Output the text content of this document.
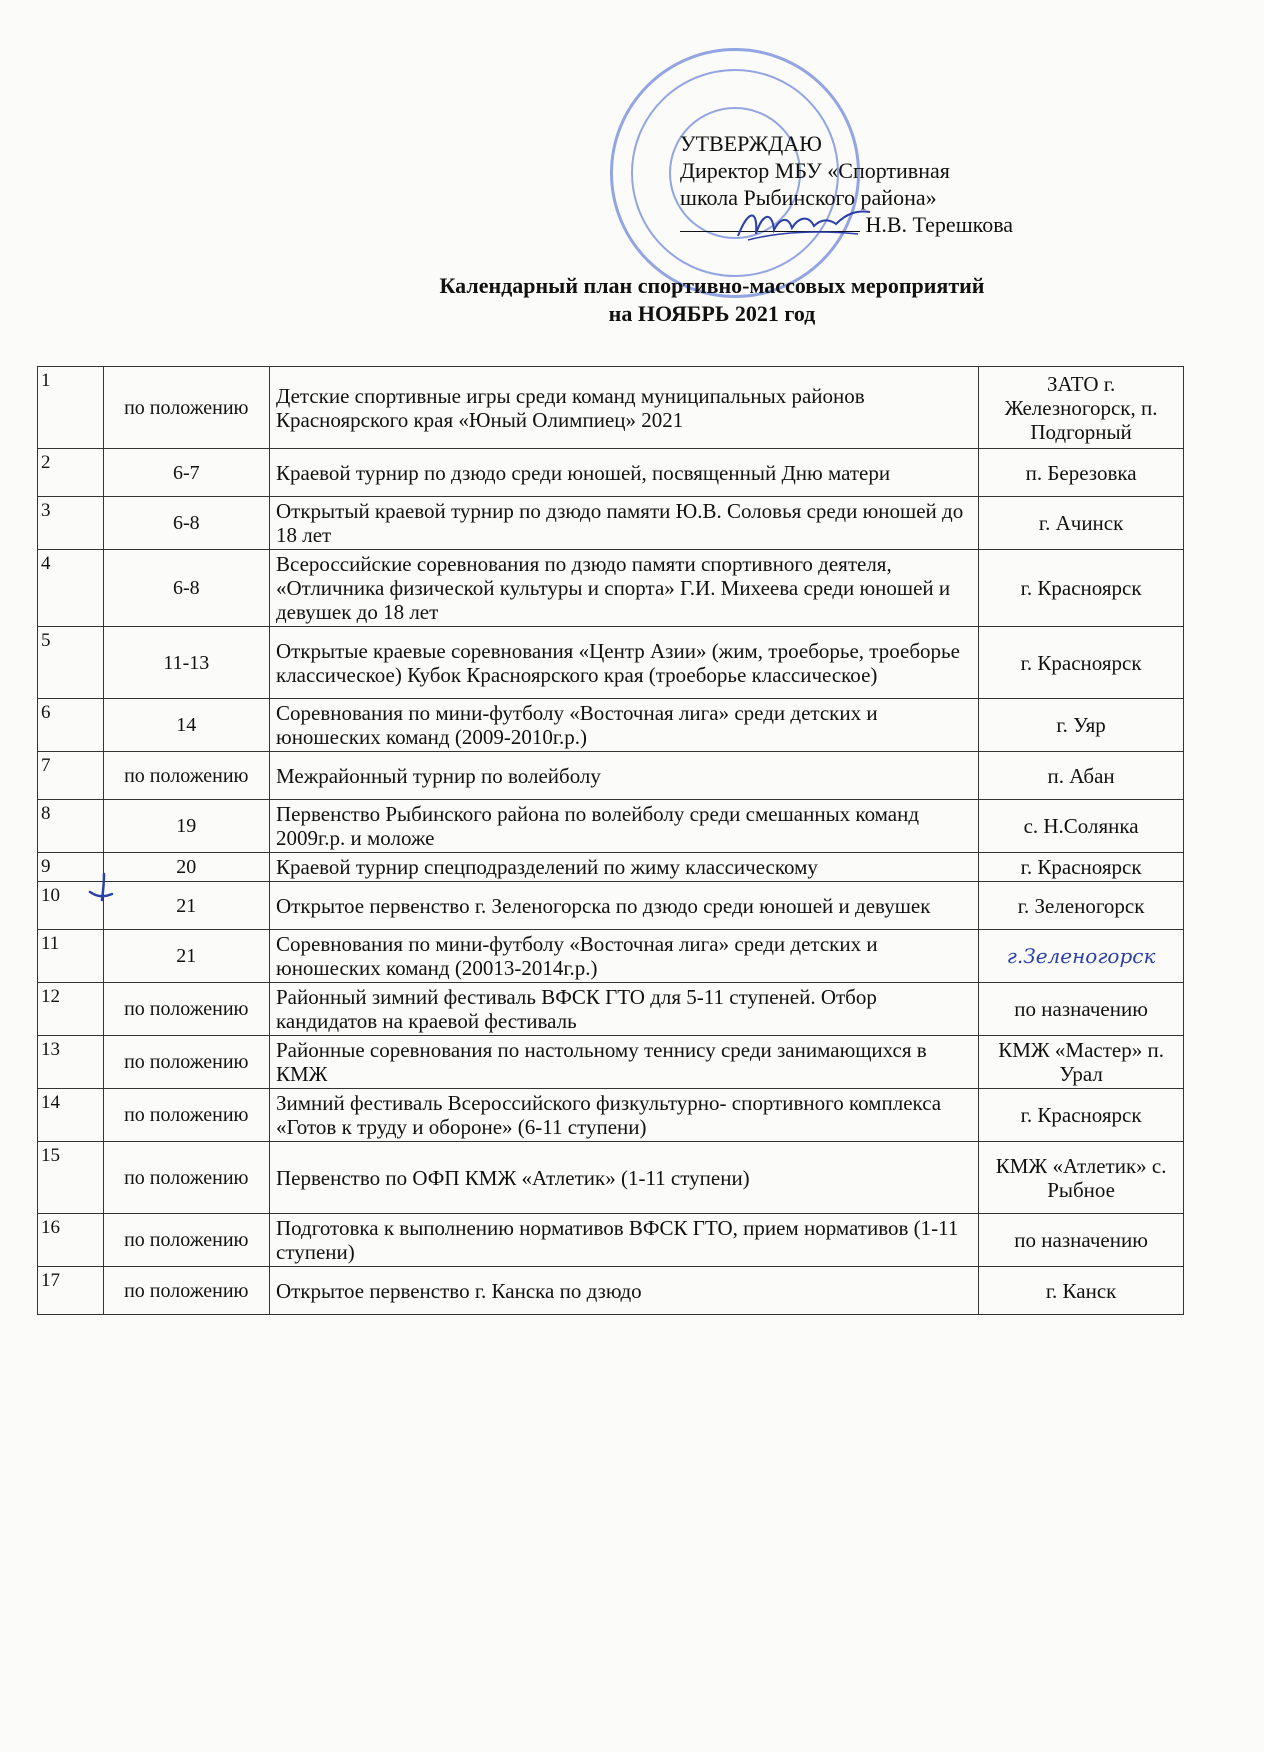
УТВЕРЖДАЮ
Директор МБУ «Спортивная
школа Рыбинского района»
Н.В. Терешкова
Календарный план спортивно-массовых мероприятий
на НОЯБРЬ 2021 год
1	по положению	Детские спортивные игры среди команд муниципальных районов Красноярского края «Юный Олимпиец» 2021	ЗАТО г. Железногорск, п. Подгорный
2	6-7	Краевой турнир по дзюдо среди юношей, посвященный Дню матери	п. Березовка
3	6-8	Открытый краевой турнир по дзюдо памяти Ю.В. Соловья среди юношей до 18 лет	г. Ачинск
4	6-8	Всероссийские соревнования по дзюдо памяти спортивного деятеля, «Отличника физической культуры и спорта» Г.И. Михеева среди юношей и девушек до 18 лет	г. Красноярск
5	11-13	Открытые краевые соревнования «Центр Азии» (жим, троеборье, троеборье классическое) Кубок Красноярского края (троеборье классическое)	г. Красноярск
6	14	Соревнования по мини-футболу «Восточная лига» среди детских и юношеских команд (2009-2010г.р.)	г. Уяр
7	по положению	Межрайонный турнир по волейболу	п. Абан
8	19	Первенство Рыбинского района по волейболу среди смешанных команд 2009г.р. и моложе	с. Н.Солянка
9	20	Краевой турнир спецподразделений по жиму классическому	г. Красноярск
10	21	Открытое первенство г. Зеленогорска по дзюдо среди юношей и девушек	г. Зеленогорск
11	21	Соревнования по мини-футболу «Восточная лига» среди детских и юношеских команд (20013-2014г.р.)	г.Зеленогорск
12	по положению	Районный зимний фестиваль ВФСК ГТО для 5-11 ступеней. Отбор кандидатов на краевой фестиваль	по назначению
13	по положению	Районные соревнования по настольному теннису среди занимающихся в КМЖ	КМЖ «Мастер» п. Урал
14	по положению	Зимний фестиваль Всероссийского физкультурно- спортивного комплекса «Готов к труду и обороне» (6-11 ступени)	г. Красноярск
15	по положению	Первенство по ОФП КМЖ «Атлетик» (1-11 ступени)	КМЖ «Атлетик» с. Рыбное
16	по положению	Подготовка к выполнению нормативов ВФСК ГТО, прием нормативов (1-11 ступени)	по назначению
17	по положению	Открытое первенство г. Канска по дзюдо	г. Канск
